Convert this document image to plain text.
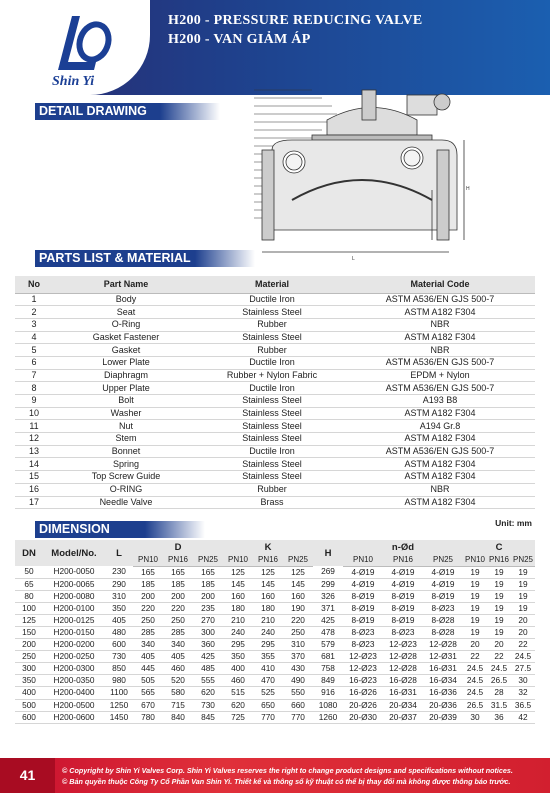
Shin Yi
H200 - PRESSURE REDUCING VALVE
H200 - VAN GIẢM ÁP
DETAIL DRAWING
L
H
PARTS LIST & MATERIAL
No	Part Name	Material	Material Code
1	Body	Ductile Iron	ASTM A536/EN GJS 500-7
2	Seat	Stainless Steel	ASTM A182 F304
3	O-Ring	Rubber	NBR
4	Gasket Fastener	Stainless Steel	ASTM A182 F304
5	Gasket	Rubber	NBR
6	Lower Plate	Ductile Iron	ASTM A536/EN GJS 500-7
7	Diaphragm	Rubber + Nylon Fabric	EPDM + Nylon
8	Upper Plate	Ductile Iron	ASTM A536/EN GJS 500-7
9	Bolt	Stainless Steel	A193 B8
10	Washer	Stainless Steel	ASTM A182 F304
11	Nut	Stainless Steel	A194 Gr.8
12	Stem	Stainless Steel	ASTM A182 F304
13	Bonnet	Ductile Iron	ASTM A536/EN GJS 500-7
14	Spring	Stainless Steel	ASTM A182 F304
15	Top Screw Guide	Stainless Steel	ASTM A182 F304
16	O-RING	Rubber	NBR
17	Needle Valve	Brass	ASTM A182 F304
DIMENSION	Unit: mm
DN	Model/No.	L	D			K			H	n-Ød			C		
			PN10	PN16	PN25	PN10	PN16	PN25		PN10	PN16	PN25	PN10	PN16	PN25
50	H200-0050	230	165	165	165	125	125	125	269	4-Ø19	4-Ø19	4-Ø19	19	19	19
65	H200-0065	290	185	185	185	145	145	145	299	4-Ø19	4-Ø19	4-Ø19	19	19	19
80	H200-0080	310	200	200	200	160	160	160	326	8-Ø19	8-Ø19	8-Ø19	19	19	19
100	H200-0100	350	220	220	235	180	180	190	371	8-Ø19	8-Ø19	8-Ø23	19	19	19
125	H200-0125	405	250	250	270	210	210	220	425	8-Ø19	8-Ø19	8-Ø28	19	19	20
150	H200-0150	480	285	285	300	240	240	250	478	8-Ø23	8-Ø23	8-Ø28	19	19	20
200	H200-0200	600	340	340	360	295	295	310	579	8-Ø23	12-Ø23	12-Ø28	20	20	22
250	H200-0250	730	405	405	425	350	355	370	681	12-Ø23	12-Ø28	12-Ø31	22	22	24.5
300	H200-0300	850	445	460	485	400	410	430	758	12-Ø23	12-Ø28	16-Ø31	24.5	24.5	27.5
350	H200-0350	980	505	520	555	460	470	490	849	16-Ø23	16-Ø28	16-Ø34	24.5	26.5	30
400	H200-0400	1100	565	580	620	515	525	550	916	16-Ø26	16-Ø31	16-Ø36	24.5	28	32
500	H200-0500	1250	670	715	730	620	650	660	1080	20-Ø26	20-Ø34	20-Ø36	26.5	31.5	36.5
600	H200-0600	1450	780	840	845	725	770	770	1260	20-Ø30	20-Ø37	20-Ø39	30	36	42
41	© Copyright by Shin Yi Valves Corp. Shin Yi Valves reserves the right to change product designs and specifications without notices.
© Bản quyền thuộc Công Ty Cổ Phần Van Shin Yi. Thiết kế và thông số kỹ thuật có thể bị thay đổi mà không được thông báo trước.
